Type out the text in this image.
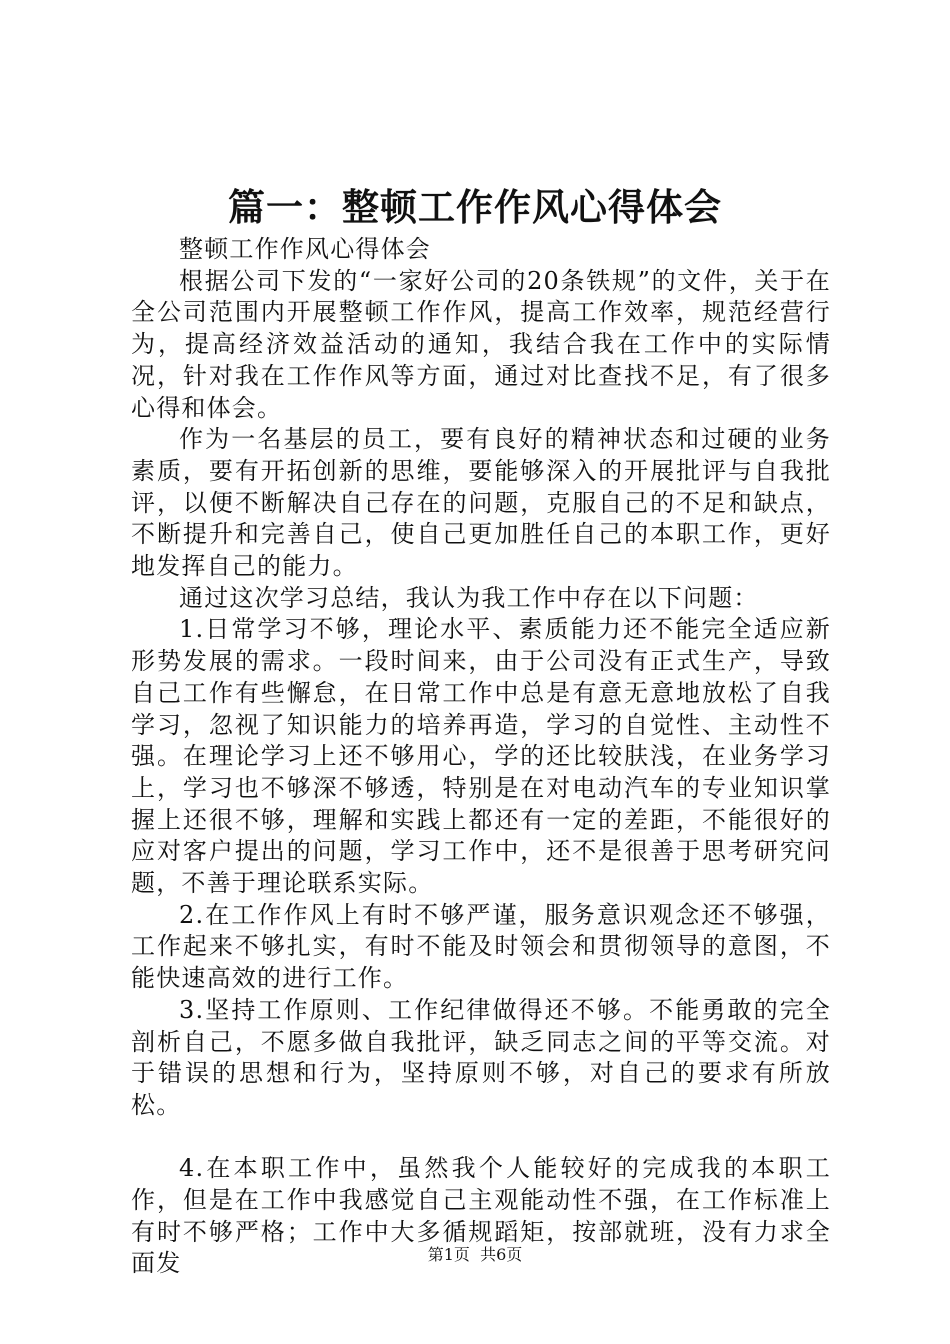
篇一：整顿工作作风心得体会

整顿工作作风心得体会

根据公司下发的“一家好公司的20条铁规”的文件，关于在全公司范围内开展整顿工作作风，提高工作效率，规范经营行为，提高经济效益活动的通知，我结合我在工作中的实际情况，针对我在工作作风等方面，通过对比查找不足，有了很多心得和体会。

作为一名基层的员工，要有良好的精神状态和过硬的业务素质，要有开拓创新的思维，要能够深入的开展批评与自我批评，以便不断解决自己存在的问题，克服自己的不足和缺点，不断提升和完善自己，使自己更加胜任自己的本职工作，更好地发挥自己的能力。

通过这次学习总结，我认为我工作中存在以下问题：

1.日常学习不够，理论水平、素质能力还不能完全适应新形势发展的需求。一段时间来，由于公司没有正式生产，导致自己工作有些懈怠，在日常工作中总是有意无意地放松了自我学习，忽视了知识能力的培养再造，学习的自觉性、主动性不强。在理论学习上还不够用心，学的还比较肤浅，在业务学习上，学习也不够深不够透，特别是在对电动汽车的专业知识掌握上还很不够，理解和实践上都还有一定的差距，不能很好的应对客户提出的问题，学习工作中，还不是很善于思考研究问题，不善于理论联系实际。

2.在工作作风上有时不够严谨，服务意识观念还不够强，工作起来不够扎实，有时不能及时领会和贯彻领导的意图，不能快速高效的进行工作。

3.坚持工作原则、工作纪律做得还不够。不能勇敢的完全剖析自己，不愿多做自我批评，缺乏同志之间的平等交流。对于错误的思想和行为，坚持原则不够，对自己的要求有所放松。

4.在本职工作中，虽然我个人能较好的完成我的本职工作，但是在工作中我感觉自己主观能动性不强，在工作标准上有时不够严格；工作中大多循规蹈矩，按部就班，没有力求全面发	第1页 共6页
